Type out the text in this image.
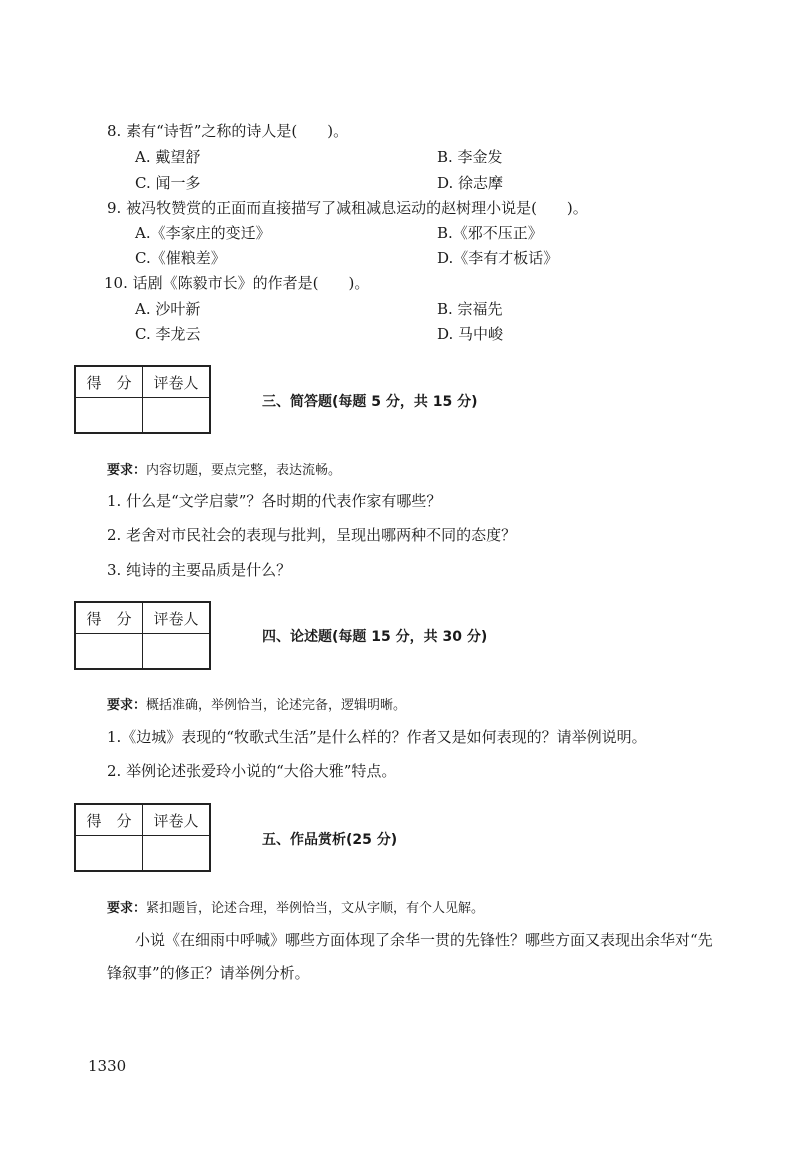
8. 素有“诗哲”之称的诗人是(　　)。
A. 戴望舒	B. 李金发
C. 闻一多	D. 徐志摩
9. 被冯牧赞赏的正面而直接描写了减租减息运动的赵树理小说是(　　)。
A.《李家庄的变迁》	B.《邪不压正》
C.《催粮差》	D.《李有才板话》
10. 话剧《陈毅市长》的作者是(　　)。
A. 沙叶新	B. 宗福先
C. 李龙云	D. 马中峻
得　分	评卷人

三、简答题(每题 5 分，共 15 分)
要求：内容切题，要点完整，表达流畅。
1. 什么是“文学启蒙”？各时期的代表作家有哪些？
2. 老舍对市民社会的表现与批判，呈现出哪两种不同的态度？
3. 纯诗的主要品质是什么？
得　分	评卷人

四、论述题(每题 15 分，共 30 分)
要求：概括准确，举例恰当，论述完备，逻辑明晰。
1.《边城》表现的“牧歌式生活”是什么样的？作者又是如何表现的？请举例说明。
2. 举例论述张爱玲小说的“大俗大雅”特点。
得　分	评卷人

五、作品赏析(25 分)
要求：紧扣题旨，论述合理，举例恰当，文从字顺，有个人见解。
小说《在细雨中呼喊》哪些方面体现了余华一贯的先锋性？哪些方面又表现出余华对“先
锋叙事”的修正？请举例分析。
1330
